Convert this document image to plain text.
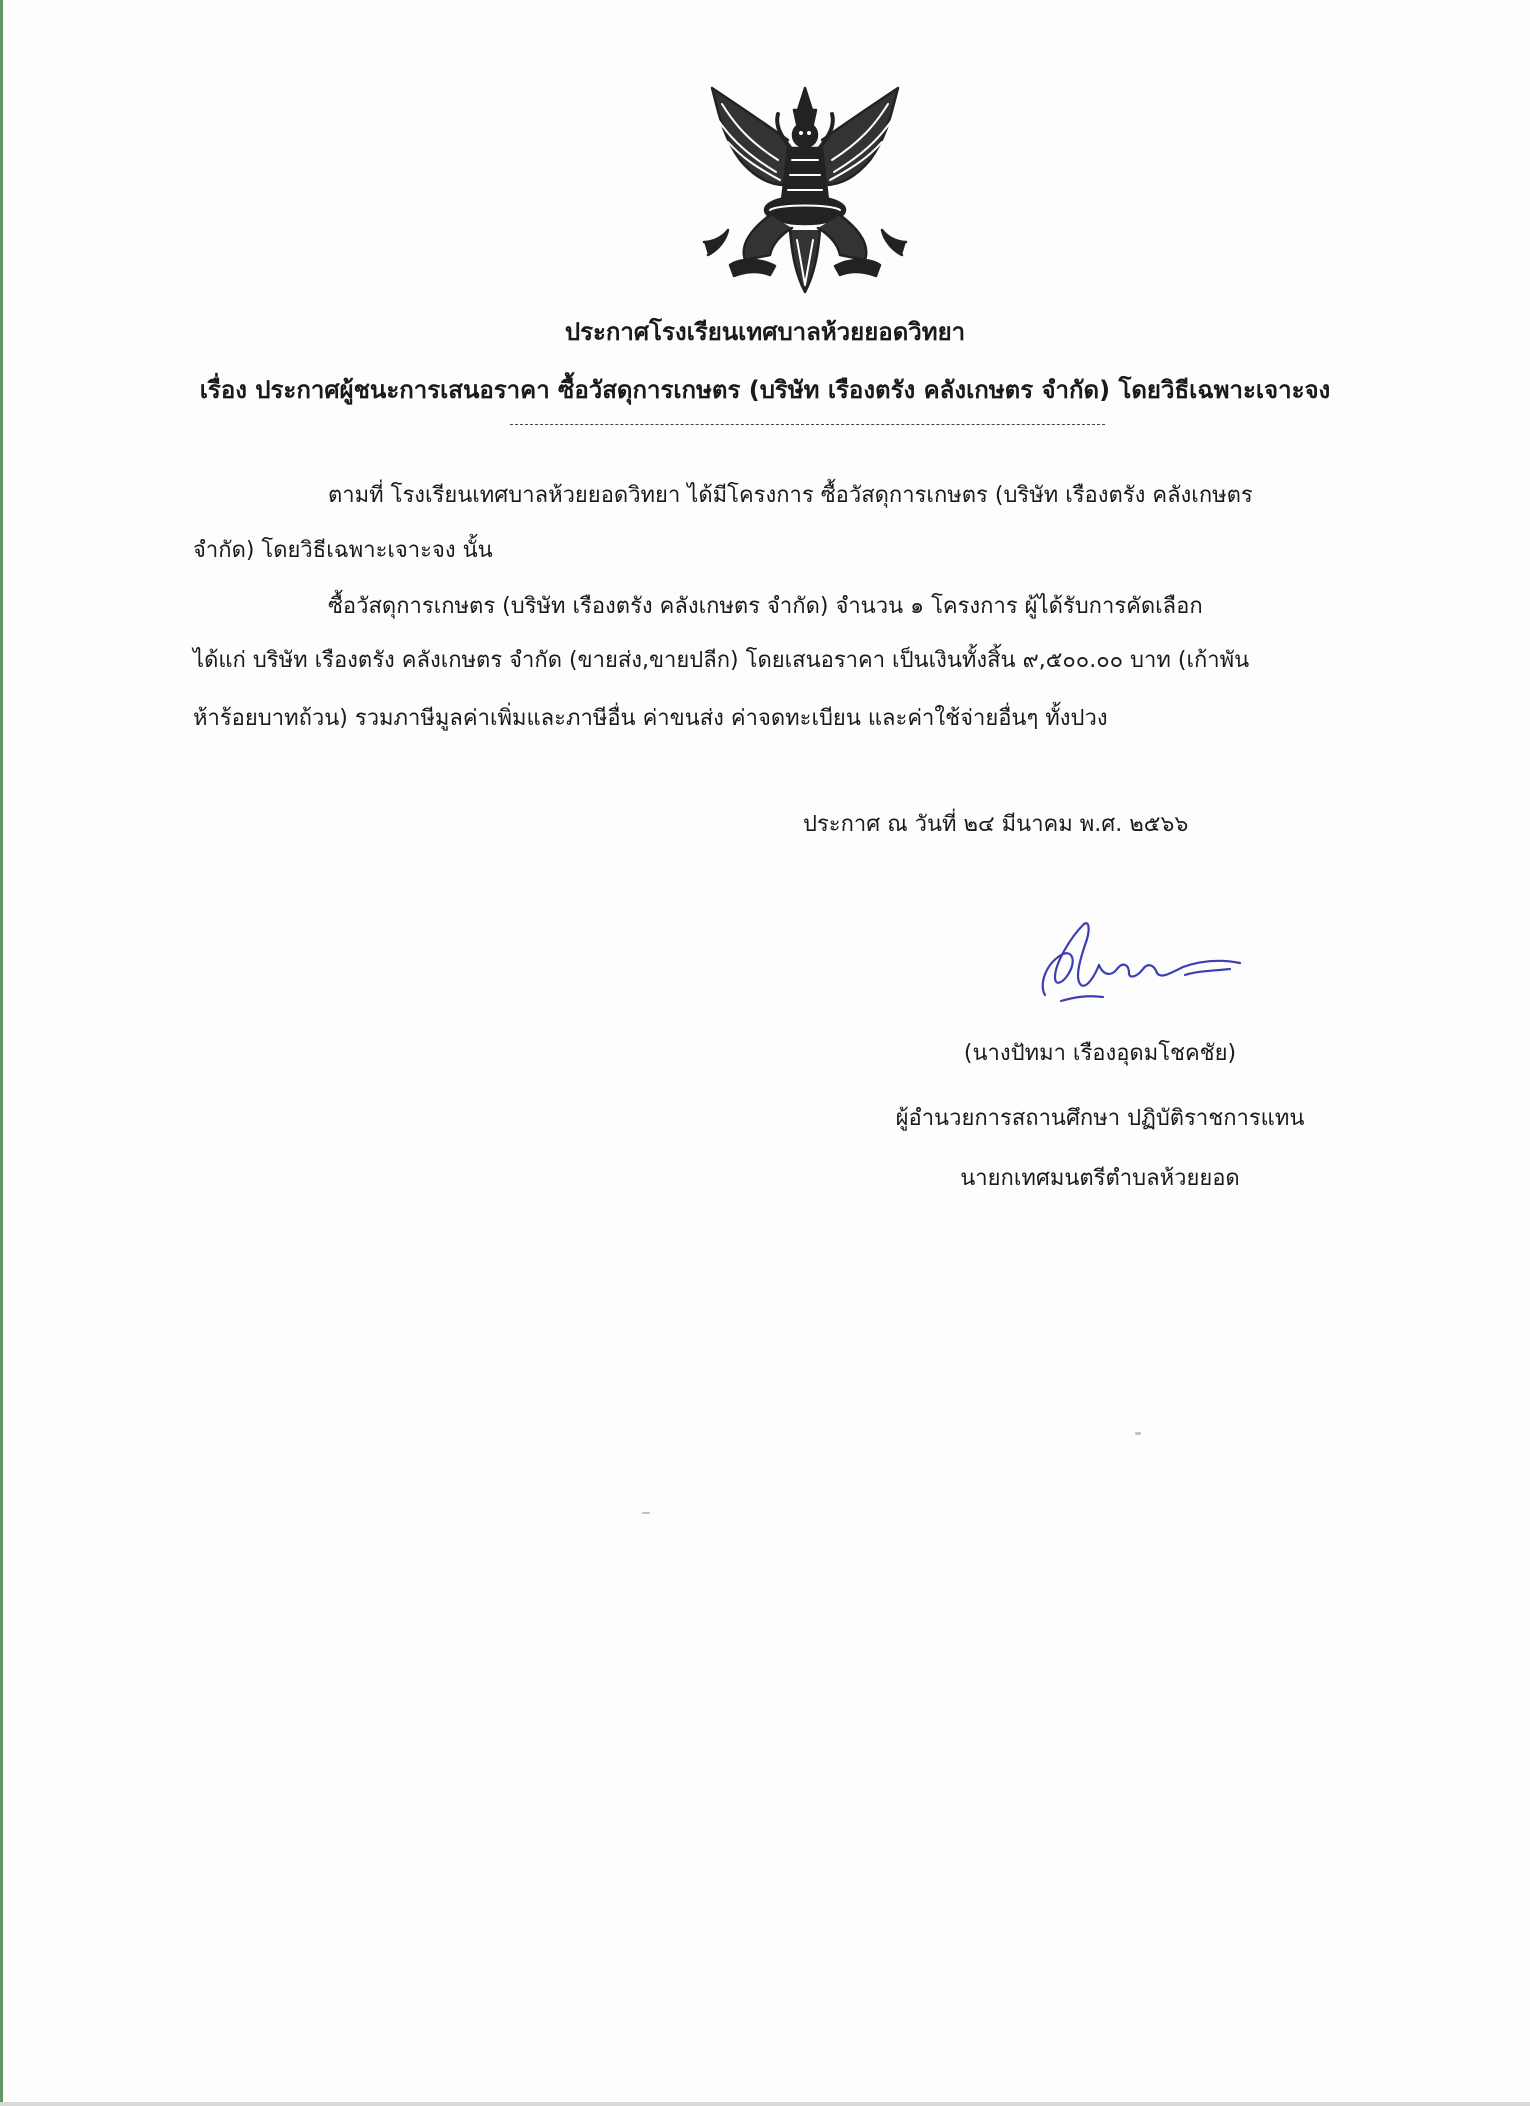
ประกาศโรงเรียนเทศบาลห้วยยอดวิทยา
เรื่อง ประกาศผู้ชนะการเสนอราคา ซื้อวัสดุการเกษตร (บริษัท เรืองตรัง คลังเกษตร จำกัด) โดยวิธีเฉพาะเจาะจง
ตามที่ โรงเรียนเทศบาลห้วยยอดวิทยา ได้มีโครงการ ซื้อวัสดุการเกษตร (บริษัท เรืองตรัง คลังเกษตร
จำกัด) โดยวิธีเฉพาะเจาะจง นั้น
ซื้อวัสดุการเกษตร (บริษัท เรืองตรัง คลังเกษตร จำกัด) จำนวน ๑ โครงการ ผู้ได้รับการคัดเลือก
ได้แก่ บริษัท เรืองตรัง คลังเกษตร จำกัด (ขายส่ง,ขายปลีก) โดยเสนอราคา เป็นเงินทั้งสิ้น ๙,๕๐๐.๐๐ บาท (เก้าพัน
ห้าร้อยบาทถ้วน) รวมภาษีมูลค่าเพิ่มและภาษีอื่น ค่าขนส่ง ค่าจดทะเบียน และค่าใช้จ่ายอื่นๆ ทั้งปวง
ประกาศ ณ วันที่ ๒๔ มีนาคม พ.ศ. ๒๕๖๖
(นางปัทมา เรืองอุดมโชคชัย)
ผู้อำนวยการสถานศึกษา ปฏิบัติราชการแทน
นายกเทศมนตรีตำบลห้วยยอด
